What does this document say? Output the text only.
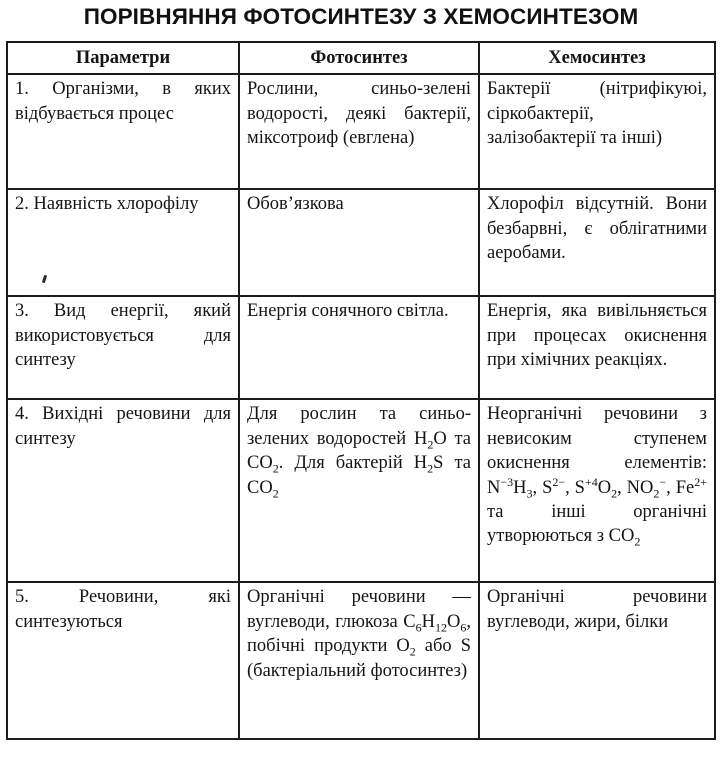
ПОРІВНЯННЯ ФОТОСИНТЕЗУ З ХЕМОСИНТЕЗОМ
Параметри	Фотосинтез	Хемосинтез
1. Організми, в яких відбувається процес	Рослини, синьо-зелені водорості, деякі бактерії, міксотроиф (евглена)	Бактерії (нітрифікуюі, сіркобактерії, залізобактерії та інші)
2. Наявність хлорофілу	Обов’язкова	Хлорофіл відсутній. Вони безбарвні, є облігатними аеробами.
3. Вид енергії, який використовується для синтезу	Енергія сонячного світла.	Енергія, яка вивільняється при процесах окиснення при хімічних реакціях.
4. Вихідні речовини для синтезу	Для рослин та синьо-зелених водоростей $H_2O$ та $CO_2$. Для бактерій $H_2S$ та $CO_2$	Неорганічні речовини з невисоким ступенем окиснення елементів: $N^{-3}H_3$, $S^{2-}$, $S^{+4}O_2$, $NO_2^-$, $Fe^{2+}$ та інші органічні утворюються з $CO_2$
5. Речовини, які синтезуються	Органічні речовини — вуглеводи, глюкоза $C_6H_{12}O_6$, побічні продукти $O_2$ або S (бактеріальний фотосинтез)	Органічні речовини вуглеводи, жири, білки
